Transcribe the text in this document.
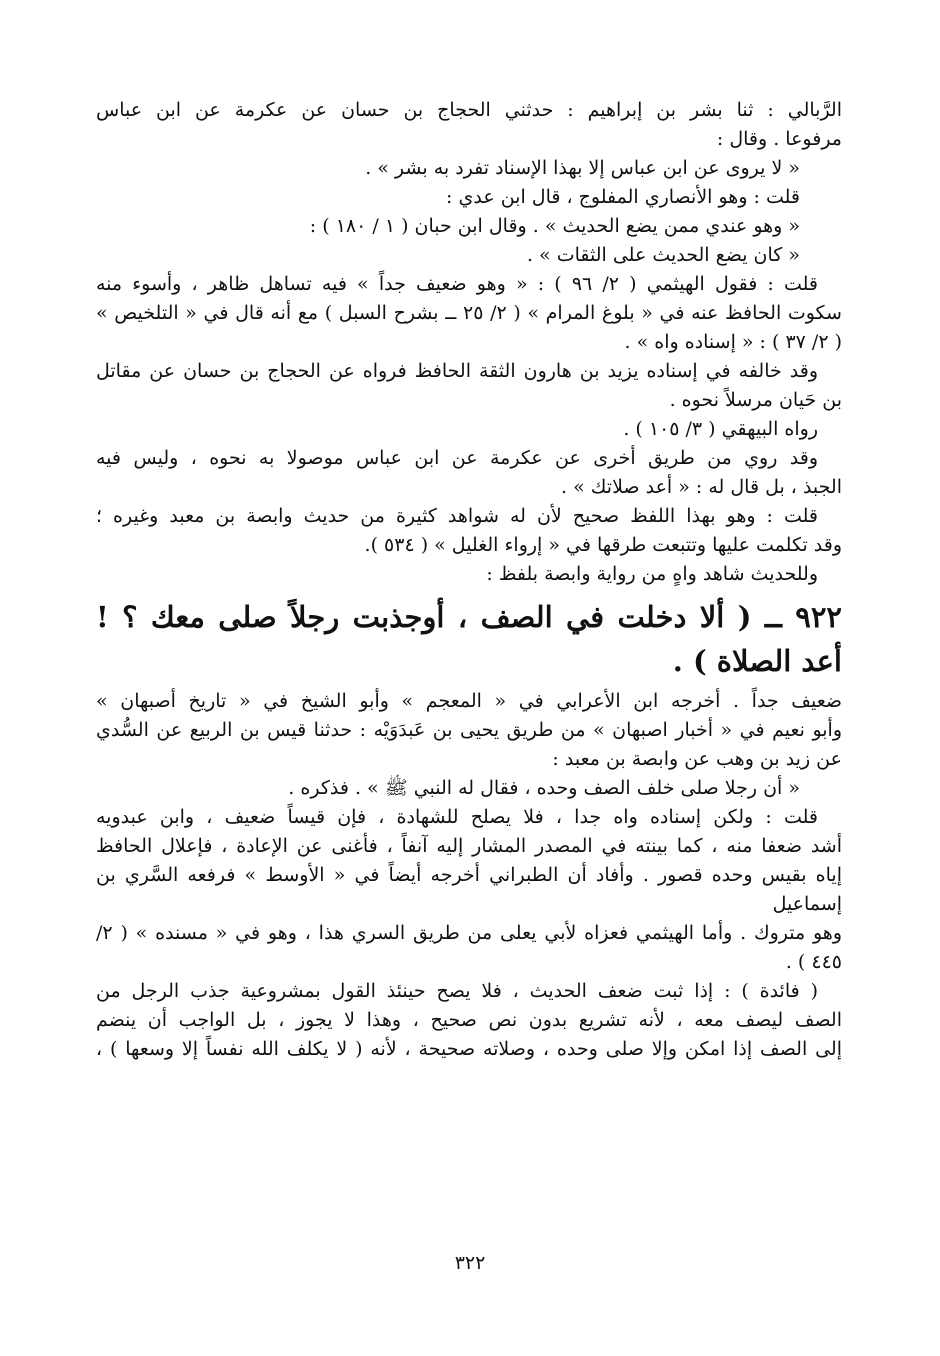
الرَّبالي : ثنا بشر بن إبراهيم : حدثني الحجاج بن حسان عن عكرمة عن ابن عباس
مرفوعا . وقال :

« لا يروى عن ابن عباس إلا بهذا الإسناد تفرد به بشر » .

قلت : وهو الأنصاري المفلوج ، قال ابن عدي :

« وهو عندي ممن يضع الحديث » . وقال ابن حبان ( ١ / ١٨٠ ) :

« كان يضع الحديث على الثقات » .

قلت : فقول الهيثمي ( ٢/ ٩٦ ) : « وهو ضعيف جداً » فيه تساهل ظاهر ، وأسوء منه
سكوت الحافظ عنه في « بلوغ المرام » ( ٢/ ٢٥ ــ بشرح السبل ) مع أنه قال في « التلخيص »
( ٢/ ٣٧ ) : « إسناده واه » .

وقد خالفه في إسناده يزيد بن هارون الثقة الحافظ فرواه عن الحجاج بن حسان عن مقاتل
بن حَيان مرسلاً نحوه .

رواه البيهقي ( ٣/ ١٠٥ ) .

وقد روي من طريق أخرى عن عكرمة عن ابن عباس موصولا به نحوه ، وليس فيه
الجبذ ، بل قال له : « أعد صلاتك » .

قلت : وهو بهذا اللفظ صحيح لأن له شواهد كثيرة من حديث وابصة بن معبد وغيره ؛
وقد تكلمت عليها وتتبعت طرقها في « إرواء الغليل » ( ٥٣٤ ).

وللحديث شاهد واهٍ من رواية وابصة بلفظ :

٩٢٢ ــ ( ألا دخلت في الصف ، أوجذبت رجلاً صلى معك ؟ !
أعد الصلاة ) .

ضعيف جداً . أخرجه ابن الأعرابي في « المعجم » وأبو الشيخ في « تاريخ أصبهان »
وأبو نعيم في « أخبار اصبهان » من طريق يحيى بن عَبدَوَيْه : حدثنا قيس بن الربيع عن السُّدي
عن زيد بن وهب عن وابصة بن معبد :

« أن رجلا صلى خلف الصف وحده ، فقال له النبي ﷺ » . فذكره .

قلت : ولكن إسناده واه جدا ، فلا يصلح للشهادة ، فإن قيساً ضعيف ، وابن عبدويه
أشد ضعفا منه ، كما بينته في المصدر المشار إليه آنفاً ، فأغنى عن الإعادة ، فإعلال الحافظ
إياه بقيس وحده قصور . وأفاد أن الطبراني أخرجه أيضاً في « الأوسط » فرفعه السَّري بن إسماعيل
وهو متروك . وأما الهيثمي فعزاه لأبي يعلى من طريق السري هذا ، وهو في « مسنده » ( ٢/ ٤٤٥ ) .

( فائدة ) : إذا ثبت ضعف الحديث ، فلا يصح حينئذ القول بمشروعية جذب الرجل من
الصف ليصف معه ، لأنه تشريع بدون نص صحيح ، وهذا لا يجوز ، بل الواجب أن ينضم
إلى الصف إذا امكن وإلا صلى وحده ، وصلاته صحيحة ، لأنه ( لا يكلف الله نفساً إلا وسعها ) ،

٣٢٢
